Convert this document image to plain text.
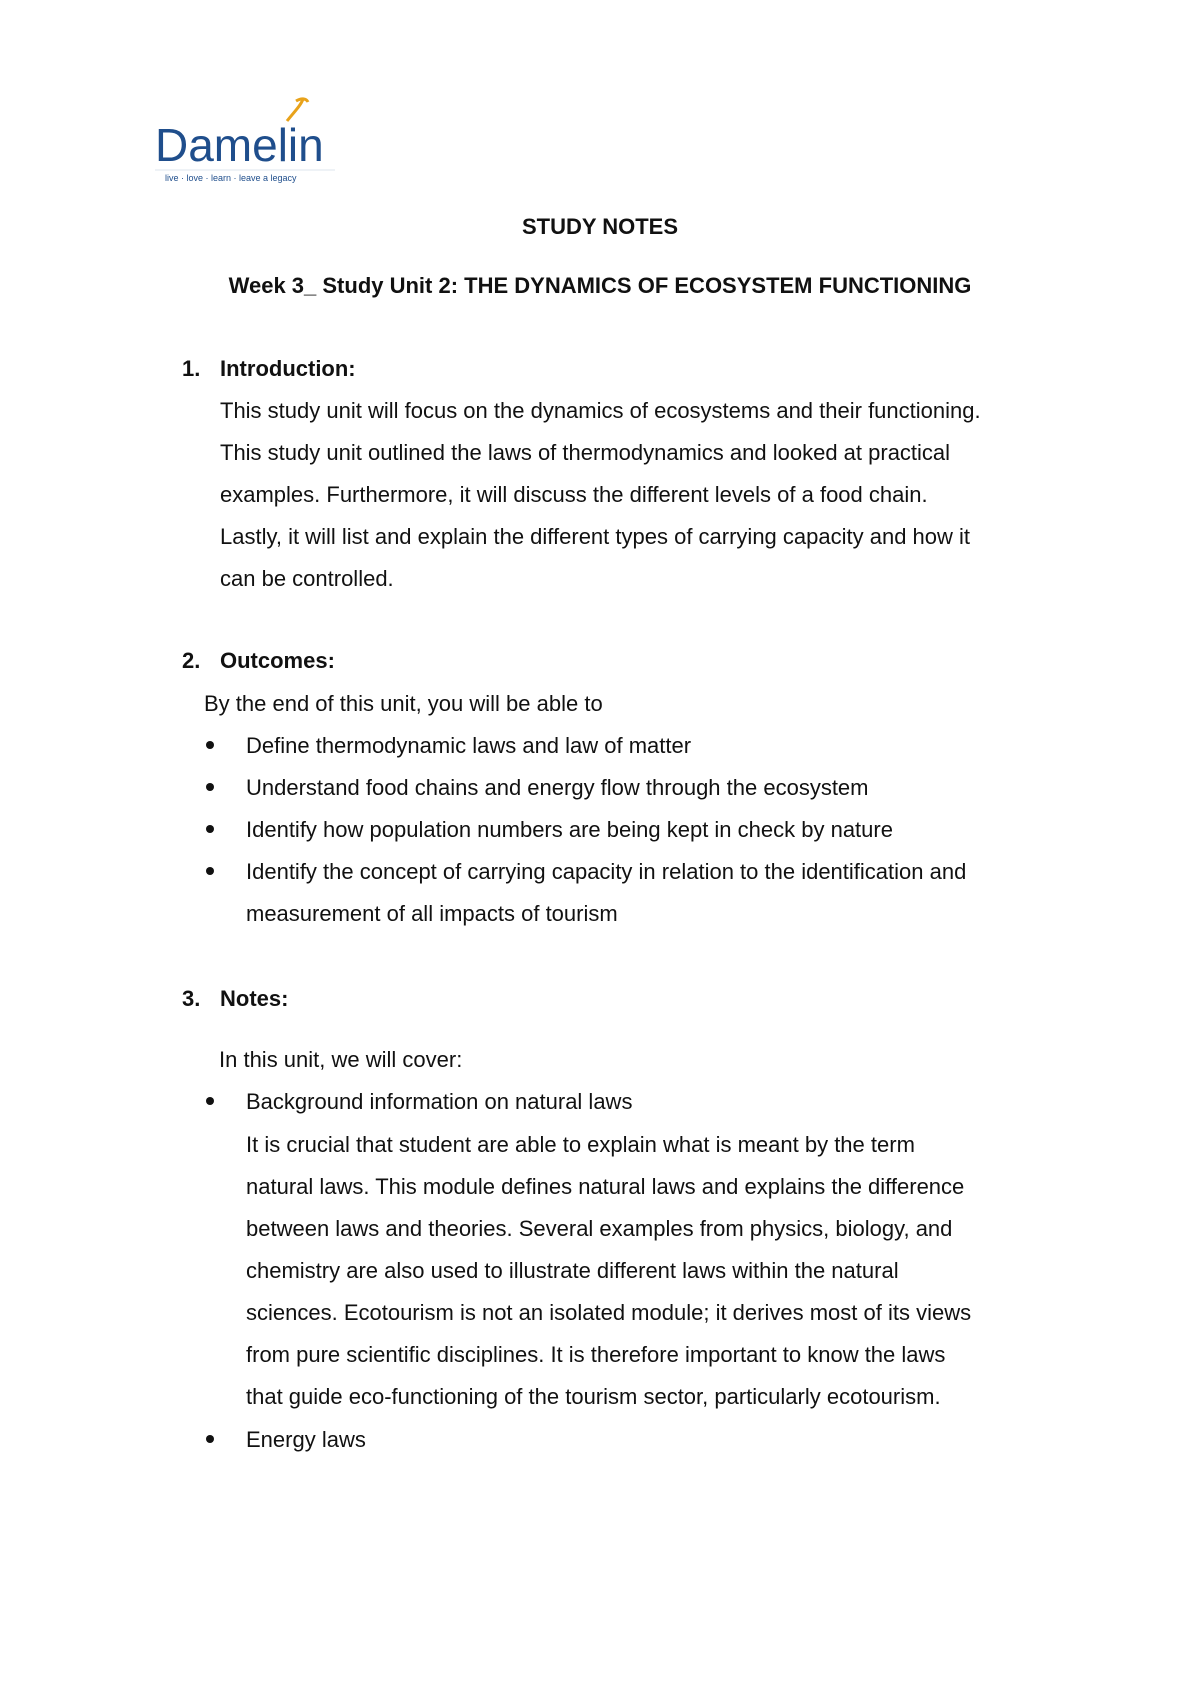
Damelin
live · love · learn · leave a legacy
STUDY NOTES
Week 3_ Study Unit 2: THE DYNAMICS OF ECOSYSTEM FUNCTIONING
1. Introduction:
This study unit will focus on the dynamics of ecosystems and their functioning.
This study unit outlined the laws of thermodynamics and looked at practical
examples. Furthermore, it will discuss the different levels of a food chain.
Lastly, it will list and explain the different types of carrying capacity and how it
can be controlled.
2. Outcomes:
By the end of this unit, you will be able to
Define thermodynamic laws and law of matter
Understand food chains and energy flow through the ecosystem
Identify how population numbers are being kept in check by nature
Identify the concept of carrying capacity in relation to the identification and
measurement of all impacts of tourism
3. Notes:
In this unit, we will cover:
Background information on natural laws
It is crucial that student are able to explain what is meant by the term
natural laws. This module defines natural laws and explains the difference
between laws and theories. Several examples from physics, biology, and
chemistry are also used to illustrate different laws within the natural
sciences. Ecotourism is not an isolated module; it derives most of its views
from pure scientific disciplines. It is therefore important to know the laws
that guide eco-functioning of the tourism sector, particularly ecotourism.
Energy laws
